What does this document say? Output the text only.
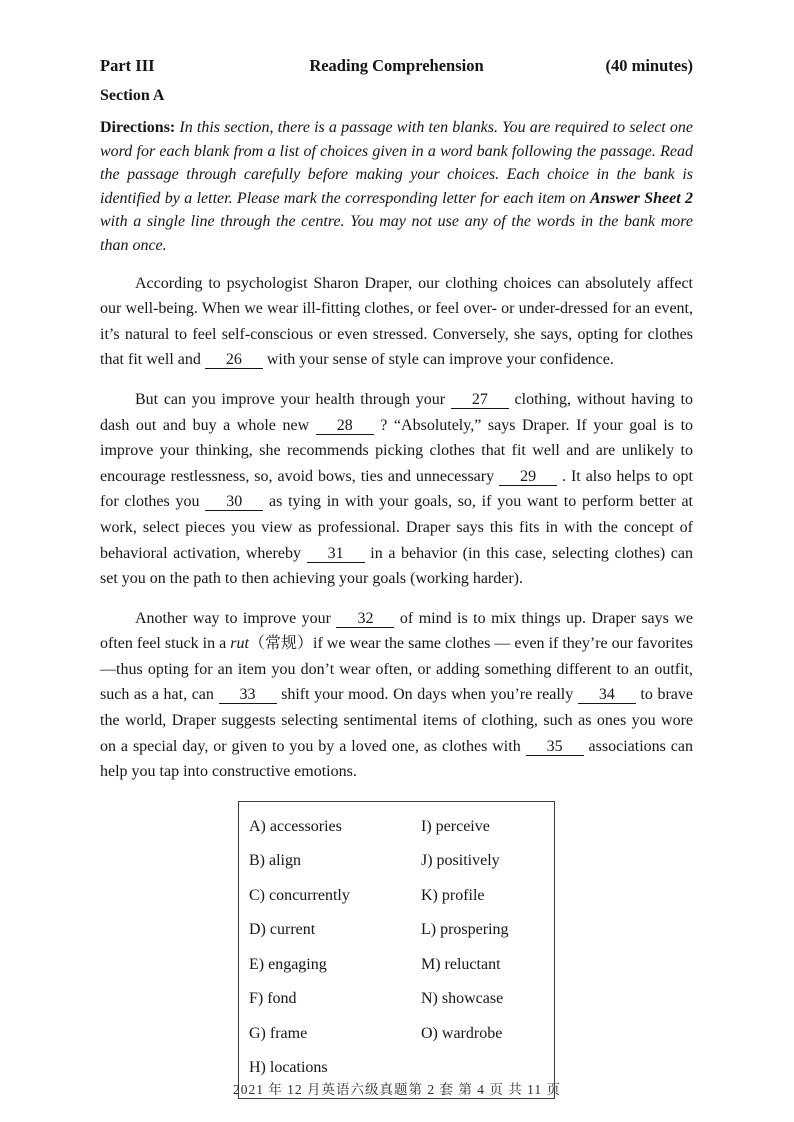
Part III	Reading Comprehension	(40 minutes)
Section A
Directions: In this section, there is a passage with ten blanks. You are required to select one word for each blank from a list of choices given in a word bank following the passage. Read the passage through carefully before making your choices. Each choice in the bank is identified by a letter. Please mark the corresponding letter for each item on Answer Sheet 2 with a single line through the centre. You may not use any of the words in the bank more than once.

According to psychologist Sharon Draper, our clothing choices can absolutely affect our well-being. When we wear ill-fitting clothes, or feel over- or under-dressed for an event, it’s natural to feel self-conscious or even stressed. Conversely, she says, opting for clothes that fit well and 26 with your sense of style can improve your confidence.

But can you improve your health through your 27 clothing, without having to dash out and buy a whole new 28 ? “Absolutely,” says Draper. If your goal is to improve your thinking, she recommends picking clothes that fit well and are unlikely to encourage restlessness, so, avoid bows, ties and unnecessary 29 . It also helps to opt for clothes you 30 as tying in with your goals, so, if you want to perform better at work, select pieces you view as professional. Draper says this fits in with the concept of behavioral activation, whereby 31 in a behavior (in this case, selecting clothes) can set you on the path to then achieving your goals (working harder).

Another way to improve your 32 of mind is to mix things up. Draper says we often feel stuck in a rut（常规）if we wear the same clothes — even if they’re our favorites—thus opting for an item you don’t wear often, or adding something different to an outfit, such as a hat, can 33 shift your mood. On days when you’re really 34 to brave the world, Draper suggests selecting sentimental items of clothing, such as ones you wore on a special day, or given to you by a loved one, as clothes with 35 associations can help you tap into constructive emotions.

A) accessories	I) perceive
B) align	J) positively
C) concurrently	K) profile
D) current	L) prospering
E) engaging	M) reluctant
F) fond	N) showcase
G) frame	O) wardrobe
H) locations
2021 年 12 月英语六级真题第 2 套 第 4 页 共 11 页
